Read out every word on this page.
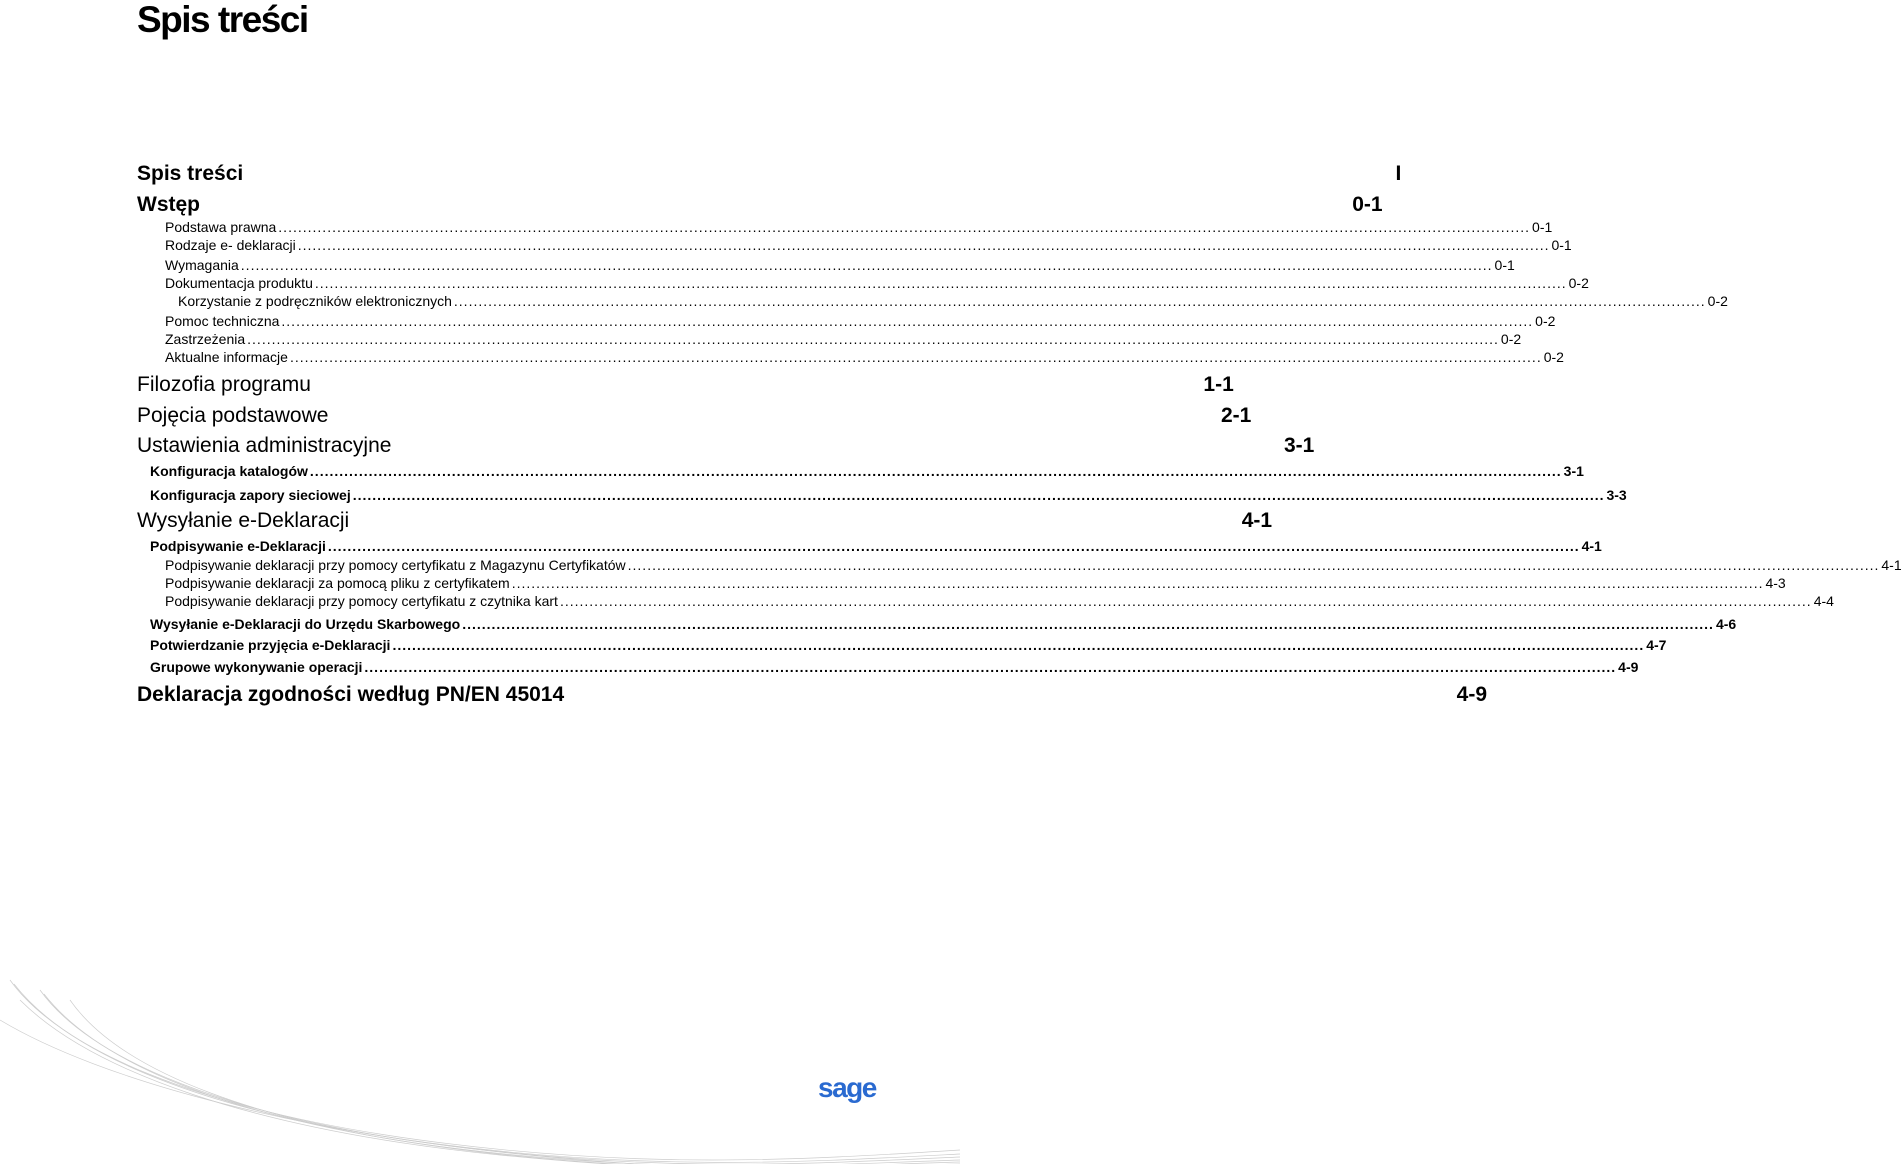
Spis treści
Spis treści	I
Wstęp	0-1
Podstawa prawna ................................................................................................................................................................................................................................................................ 0-1
Rodzaje e- deklaracji ................................................................................................................................................................................................................................................................ 0-1
Wymagania ................................................................................................................................................................................................................................................................ 0-1
Dokumentacja produktu ................................................................................................................................................................................................................................................................ 0-2
Korzystanie z podręczników elektronicznych ................................................................................................................................................................................................................................................................ 0-2
Pomoc techniczna ................................................................................................................................................................................................................................................................ 0-2
Zastrzeżenia ................................................................................................................................................................................................................................................................ 0-2
Aktualne informacje ................................................................................................................................................................................................................................................................ 0-2
Filozofia programu	1-1
Pojęcia podstawowe	2-1
Ustawienia administracyjne	3-1
Konfiguracja katalogów ................................................................................................................................................................................................................................................................ 3-1
Konfiguracja zapory sieciowej ................................................................................................................................................................................................................................................................ 3-3
Wysyłanie e-Deklaracji	4-1
Podpisywanie e-Deklaracji ................................................................................................................................................................................................................................................................ 4-1
Podpisywanie deklaracji przy pomocy certyfikatu z Magazynu Certyfikatów ................................................................................................................................................................................................................................................................ 4-1
Podpisywanie deklaracji za pomocą pliku z certyfikatem ................................................................................................................................................................................................................................................................ 4-3
Podpisywanie deklaracji przy pomocy certyfikatu z czytnika kart ................................................................................................................................................................................................................................................................ 4-4
Wysyłanie e-Deklaracji do Urzędu Skarbowego ................................................................................................................................................................................................................................................................ 4-6
Potwierdzanie przyjęcia e-Deklaracji ................................................................................................................................................................................................................................................................ 4-7
Grupowe wykonywanie operacji ................................................................................................................................................................................................................................................................ 4-9
Deklaracja zgodności według PN/EN 45014	4-9
sage
